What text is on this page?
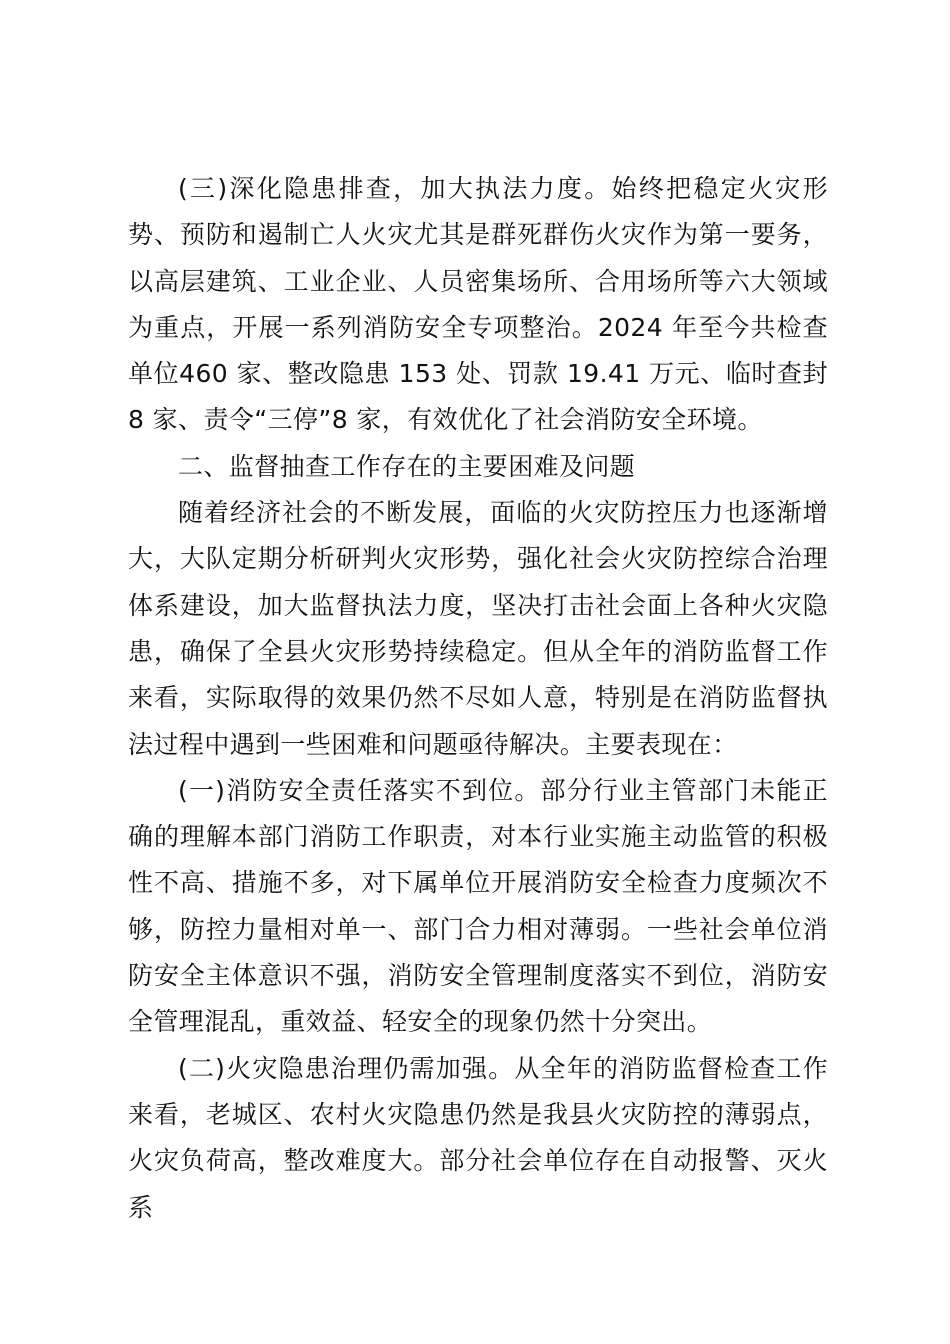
(三)深化隐患排查，加大执法力度。始终把稳定火灾形势、预防和遏制亡人火灾尤其是群死群伤火灾作为第一要务，以高层建筑、工业企业、人员密集场所、合用场所等六大领域为重点，开展一系列消防安全专项整治。2024 年至今共检查单位460 家、整改隐患 153 处、罚款 19.41 万元、临时查封 8 家、责令“三停”8 家，有效优化了社会消防安全环境。

二、监督抽查工作存在的主要困难及问题

随着经济社会的不断发展，面临的火灾防控压力也逐渐增大，大队定期分析研判火灾形势，强化社会火灾防控综合治理体系建设，加大监督执法力度，坚决打击社会面上各种火灾隐患，确保了全县火灾形势持续稳定。但从全年的消防监督工作来看，实际取得的效果仍然不尽如人意，特别是在消防监督执法过程中遇到一些困难和问题亟待解决。主要表现在：

(一)消防安全责任落实不到位。部分行业主管部门未能正确的理解本部门消防工作职责，对本行业实施主动监管的积极性不高、措施不多，对下属单位开展消防安全检查力度频次不够，防控力量相对单一、部门合力相对薄弱。一些社会单位消防安全主体意识不强，消防安全管理制度落实不到位，消防安全管理混乱，重效益、轻安全的现象仍然十分突出。

(二)火灾隐患治理仍需加强。从全年的消防监督检查工作来看，老城区、农村火灾隐患仍然是我县火灾防控的薄弱点，火灾负荷高，整改难度大。部分社会单位存在自动报警、灭火系
